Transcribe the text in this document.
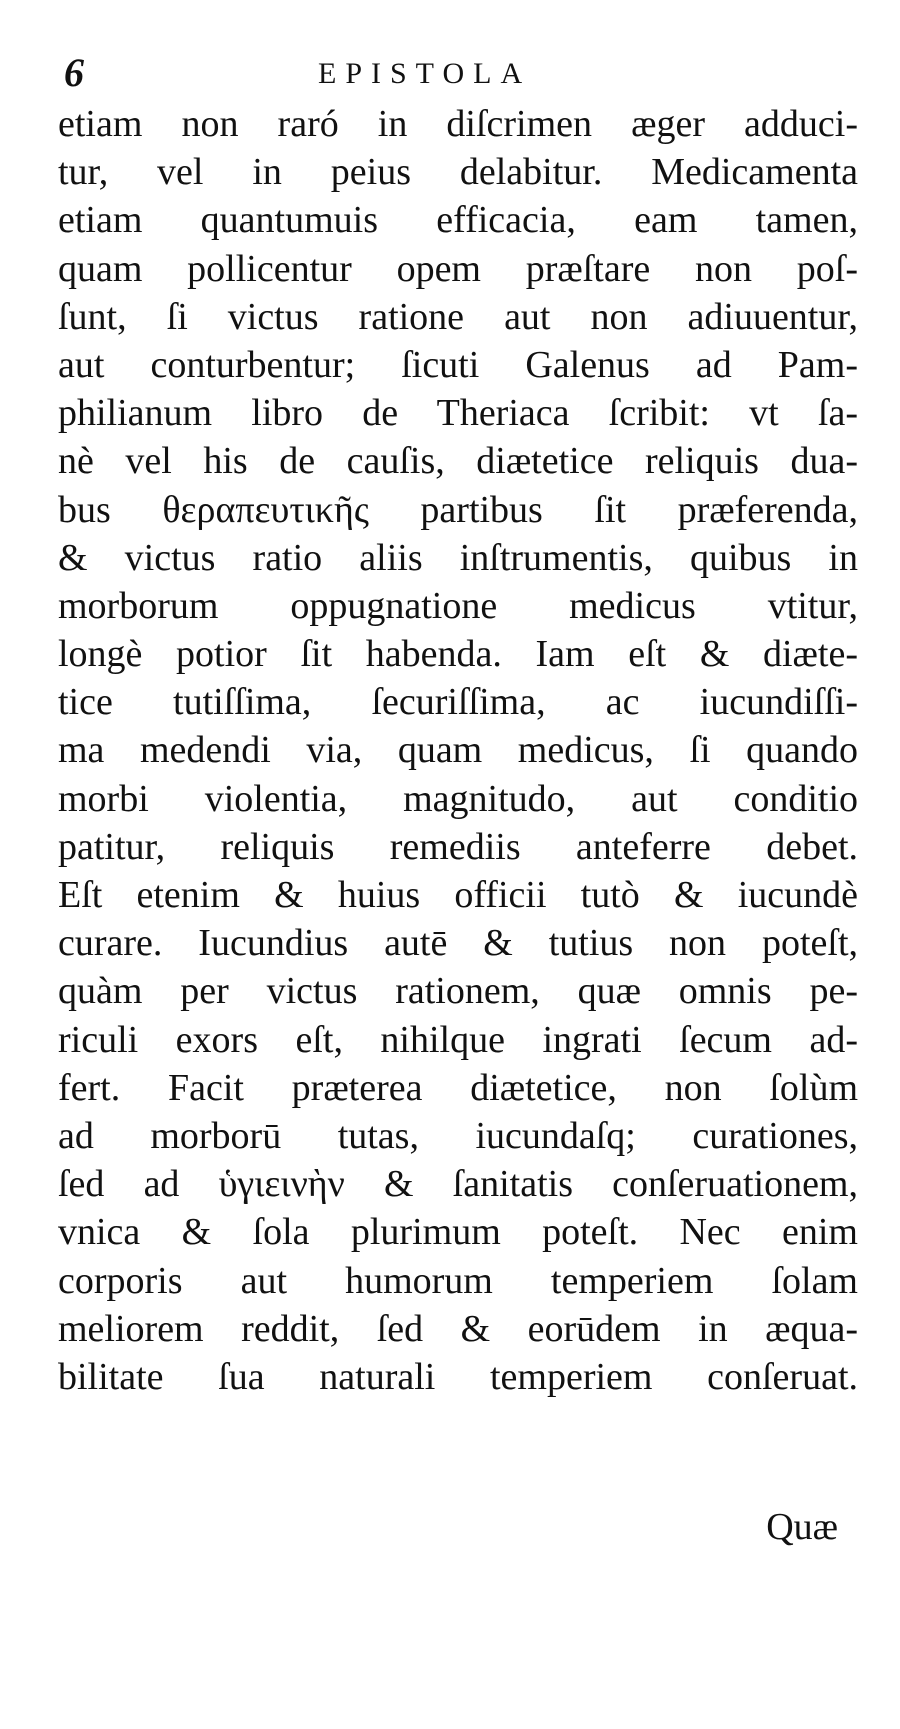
6	EPISTOLA
etiam non raró in diſcrimen æger adduci-
tur, vel in peius delabitur. Medicamenta
etiam quantumuis efficacia, eam tamen,
quam pollicentur opem præſtare non poſ-
ſunt, ſi victus ratione aut non adiuuentur,
aut conturbentur; ſicuti Galenus ad Pam-
philianum libro de Theriaca ſcribit: vt ſa-
nè vel his de cauſis, diætetice reliquis dua-
bus θεραπευτικῆς partibus ſit præferenda,
& victus ratio aliis inſtrumentis, quibus in
morborum oppugnatione medicus vtitur,
longè potior ſit habenda. Iam eſt & diæte-
tice tutiſſima, ſecuriſſima, ac iucundiſſi-
ma medendi via, quam medicus, ſi quando
morbi violentia, magnitudo, aut conditio
patitur, reliquis remediis anteferre debet.
Eſt etenim & huius officii tutò & iucundè
curare. Iucundius autē & tutius non poteſt,
quàm per victus rationem, quæ omnis pe-
riculi exors eſt, nihilque ingrati ſecum ad-
fert. Facit præterea diætetice, non ſolùm
ad morborū tutas, iucundaſq; curationes,
ſed ad ὑγιεινὴν & ſanitatis conſeruationem,
vnica & ſola plurimum poteſt. Nec enim
corporis aut humorum temperiem ſolam
meliorem reddit, ſed & eorūdem in æqua-
bilitate ſua naturali temperiem conſeruat.
Quæ
